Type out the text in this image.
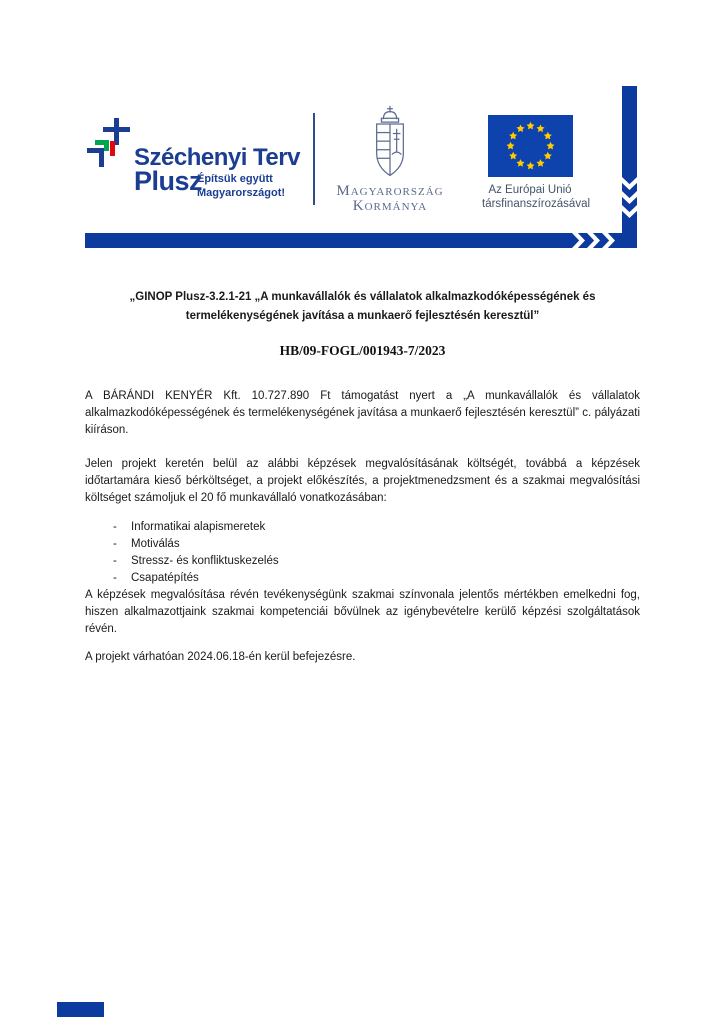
Széchenyi Terv
Plusz
Építsük együtt
Magyarországot!	Magyarország
Kormánya
Az Európai Unió
társfinanszírozásával
„GINOP Plusz-3.2.1-21 „A munkavállalók és vállalatok alkalmazkodóképességének és
termelékenységének javítása a munkaerő fejlesztésén keresztül”
HB/09-FOGL/001943-7/2023

A BÁRÁNDI KENYÉR Kft. 10.727.890 Ft támogatást nyert a „A munkavállalók és vállalatok alkalmazkodóképességének és termelékenységének javítása a munkaerő fejlesztésén keresztül” c. pályázati kiíráson.

Jelen projekt keretén belül az alábbi képzések megvalósításának költségét, továbbá a képzések időtartamára kieső bérköltséget, a projekt előkészítés, a projektmenedzsment és a szakmai megvalósítási költséget számoljuk el 20 fő munkavállaló vonatkozásában:

- Informatikai alapismeretek
- Motiválás
- Stressz- és konfliktuskezelés
- Csapatépítés

A képzések megvalósítása révén tevékenységünk szakmai színvonala jelentős mértékben emelkedni fog, hiszen alkalmazottjaink szakmai kompetenciái bővülnek az igénybevételre kerülő képzési szolgáltatások révén.

A projekt várhatóan 2024.06.18-én kerül befejezésre.
